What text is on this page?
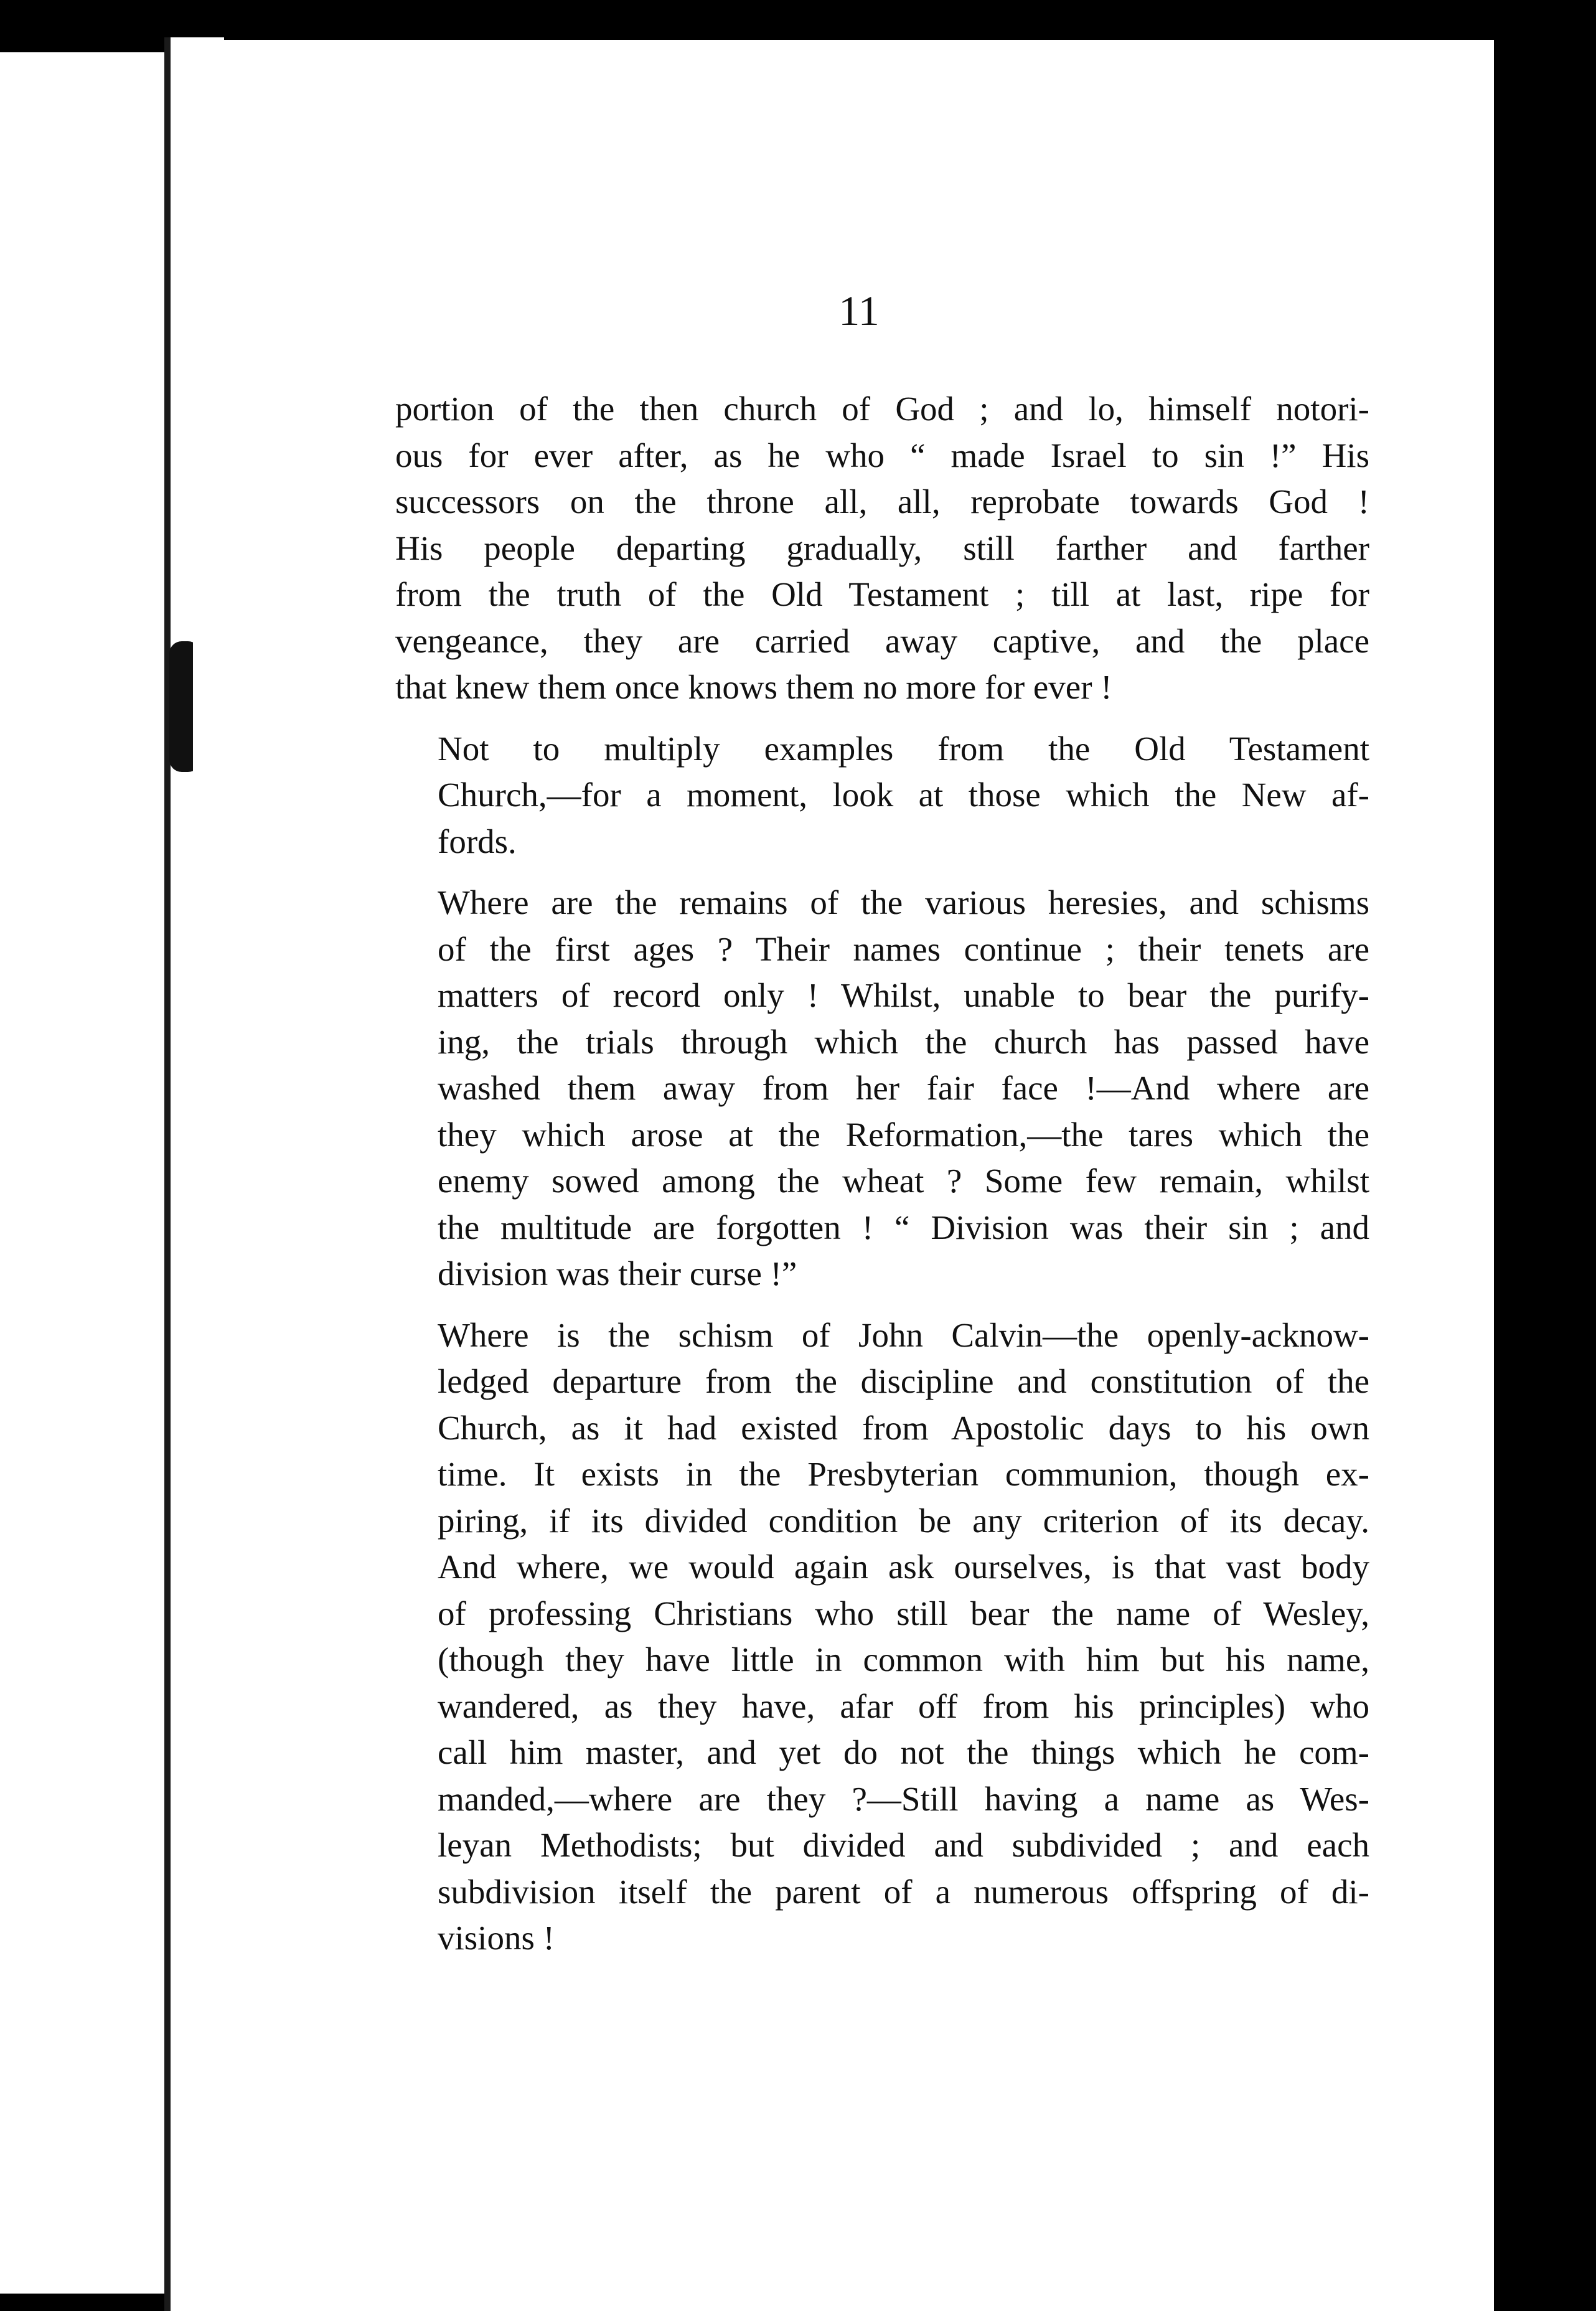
11

portion of the then church of God ; and lo, himself notori-
ous for ever after, as he who “ made Israel to sin !” His
successors on the throne all, all, reprobate towards God !
His people departing gradually, still farther and farther
from the truth of the Old Testament ; till at last, ripe for
vengeance, they are carried away captive, and the place
that knew them once knows them no more for ever !

Not to multiply examples from the Old Testament
Church,—for a moment, look at those which the New af-
fords.

Where are the remains of the various heresies, and schisms
of the first ages ? Their names continue ; their tenets are
matters of record only ! Whilst, unable to bear the purify-
ing, the trials through which the church has passed have
washed them away from her fair face !—And where are
they which arose at the Reformation,—the tares which the
enemy sowed among the wheat ? Some few remain, whilst
the multitude are forgotten ! “ Division was their sin ; and
division was their curse !”

Where is the schism of John Calvin—the openly-acknow-
ledged departure from the discipline and constitution of the
Church, as it had existed from Apostolic days to his own
time. It exists in the Presbyterian communion, though ex-
piring, if its divided condition be any criterion of its decay.
And where, we would again ask ourselves, is that vast body
of professing Christians who still bear the name of Wesley,
(though they have little in common with him but his name,
wandered, as they have, afar off from his principles) who
call him master, and yet do not the things which he com-
manded,—where are they ?—Still having a name as Wes-
leyan Methodists; but divided and subdivided ; and each
subdivision itself the parent of a numerous offspring of di-
visions !
